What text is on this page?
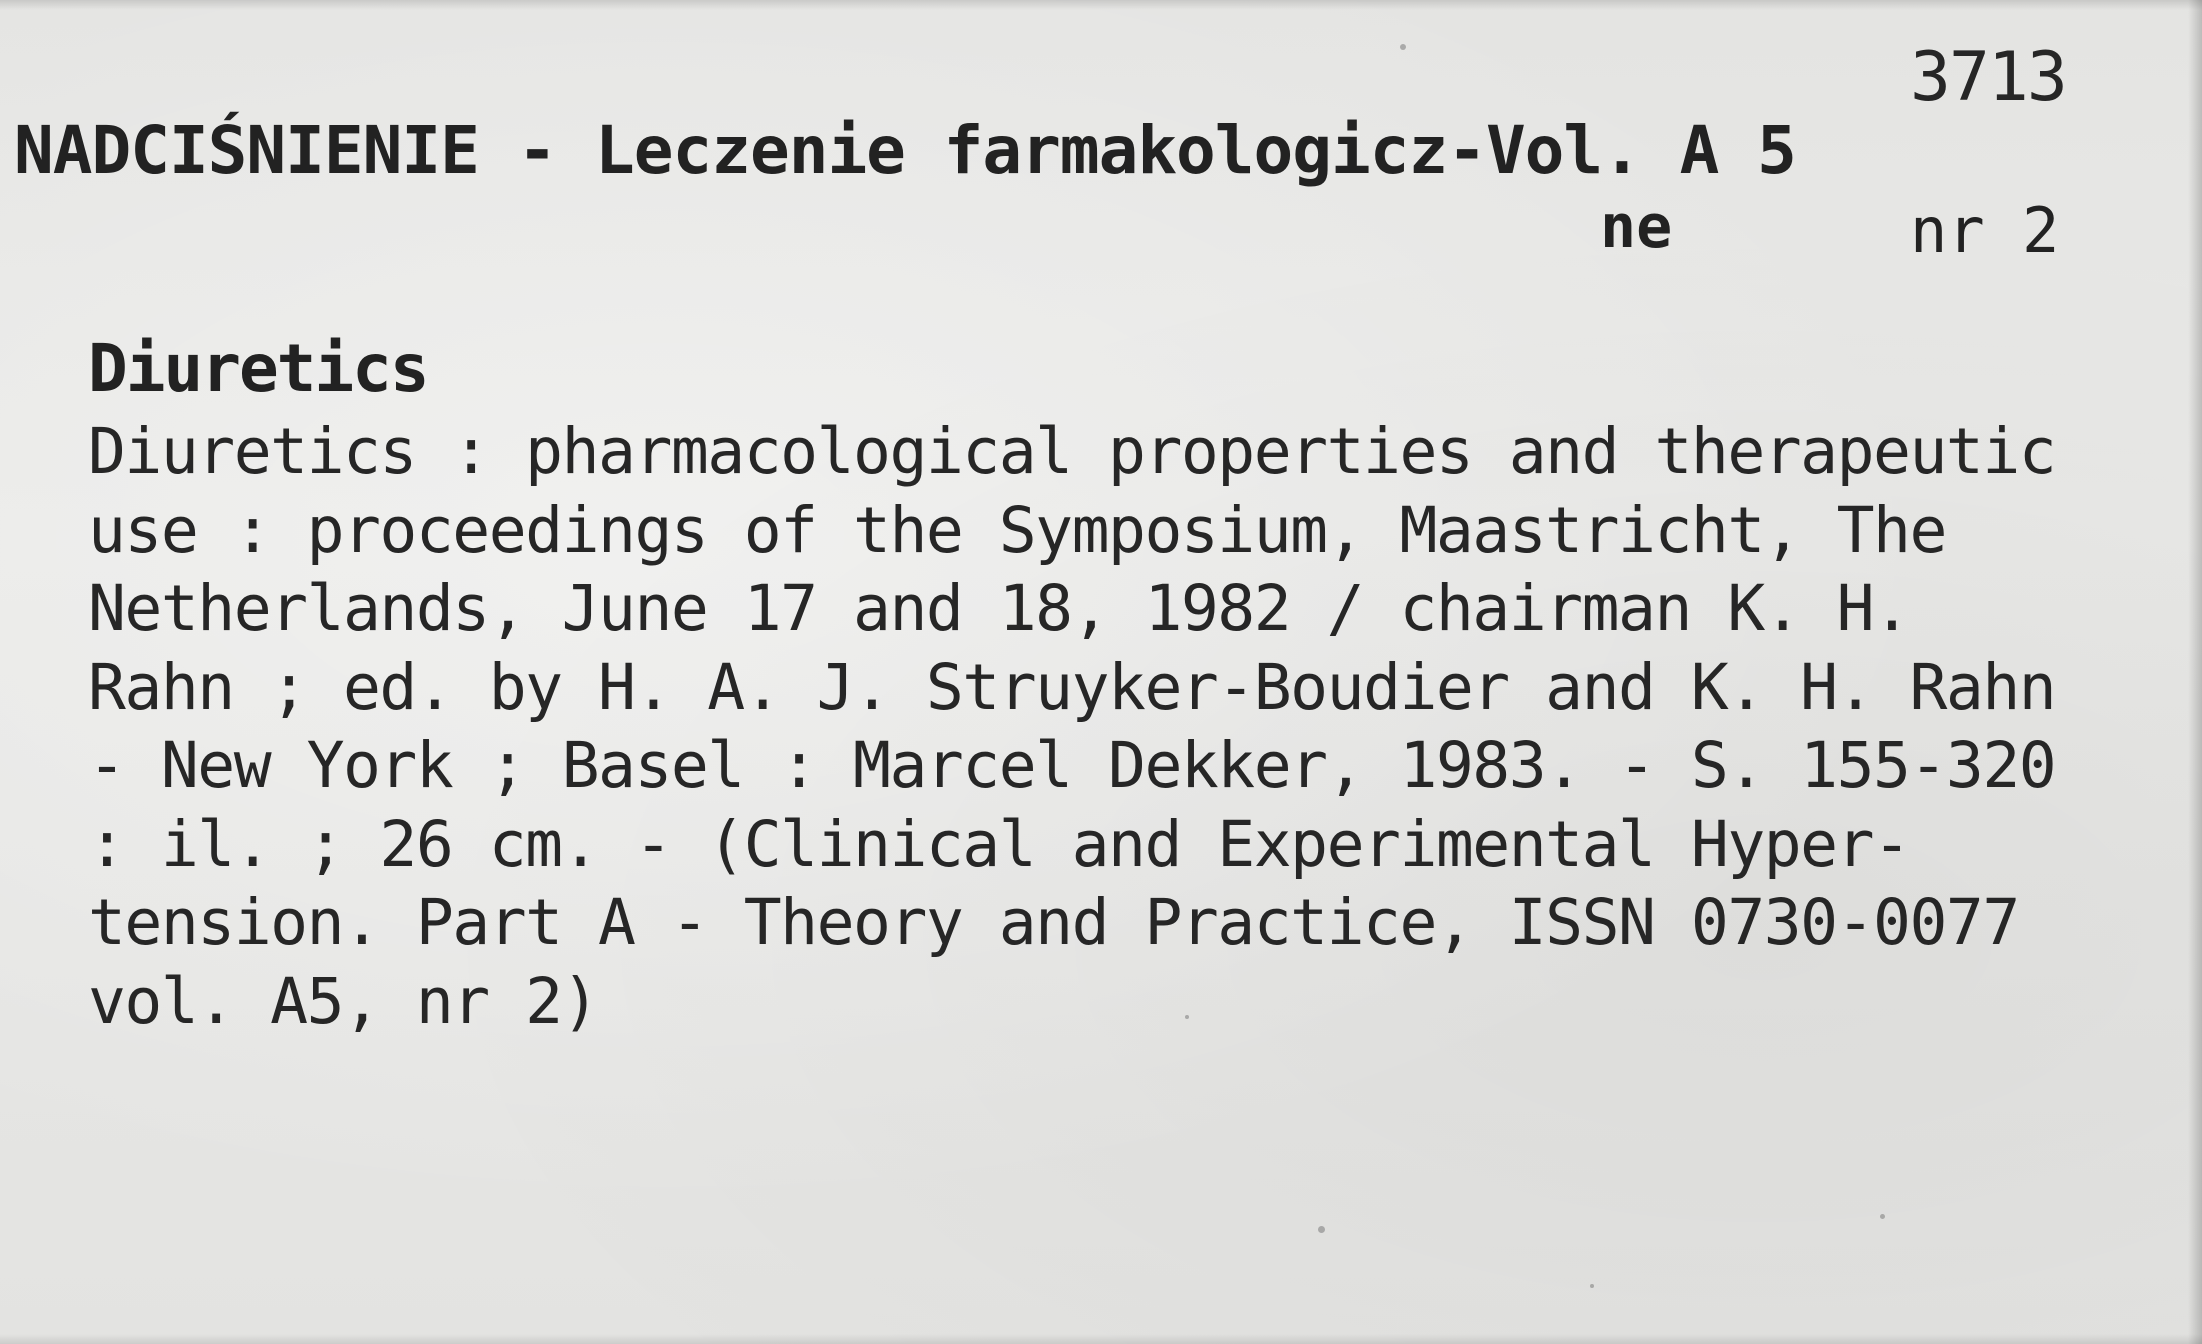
3713
NADCIŚNIENIE - Leczenie farmakologicz-Vol. A 5
ne	nr 2
Diuretics
Diuretics : pharmacological properties and therapeutic
use : proceedings of the Symposium, Maastricht, The
Netherlands, June 17 and 18, 1982 / chairman K. H.
Rahn ; ed. by H. A. J. Struyker-Boudier and K. H. Rahn
- New York ; Basel : Marcel Dekker, 1983. - S. 155-320
: il. ; 26 cm. - (Clinical and Experimental Hyper-
tension. Part A - Theory and Practice, ISSN 0730-0077
vol. A5, nr 2)
